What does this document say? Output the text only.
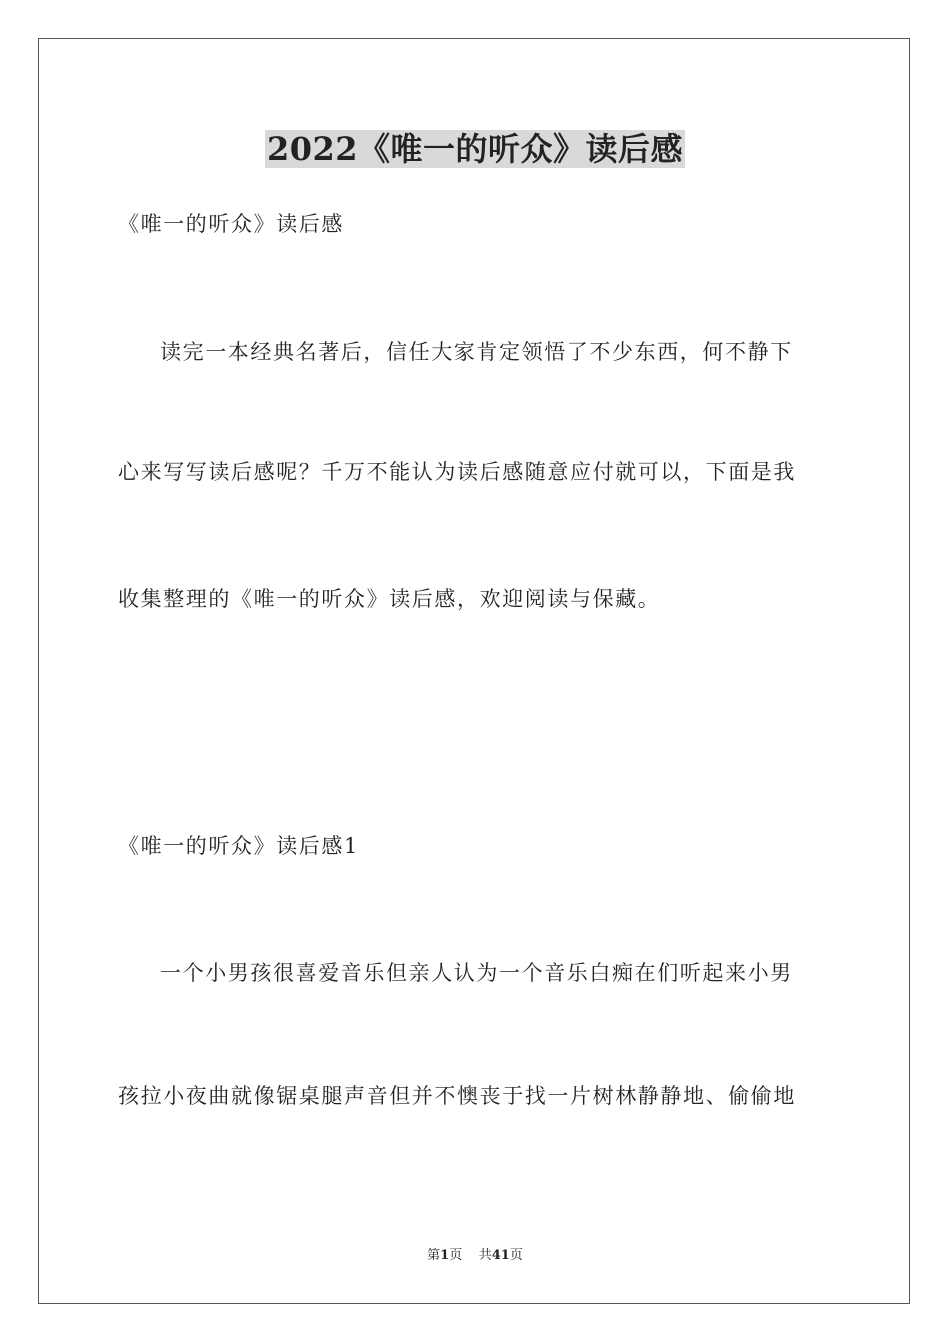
2022《唯一的听众》读后感

《唯一的听众》读后感

读完一本经典名著后，信任大家肯定领悟了不少东西，何不静下

心来写写读后感呢？千万不能认为读后感随意应付就可以，下面是我

收集整理的《唯一的听众》读后感，欢迎阅读与保藏。

《唯一的听众》读后感1

一个小男孩很喜爱音乐但亲人认为一个音乐白痴在们听起来小男

孩拉小夜曲就像锯桌腿声音但并不懊丧于找一片树林静静地、偷偷地

第1页 共41页
